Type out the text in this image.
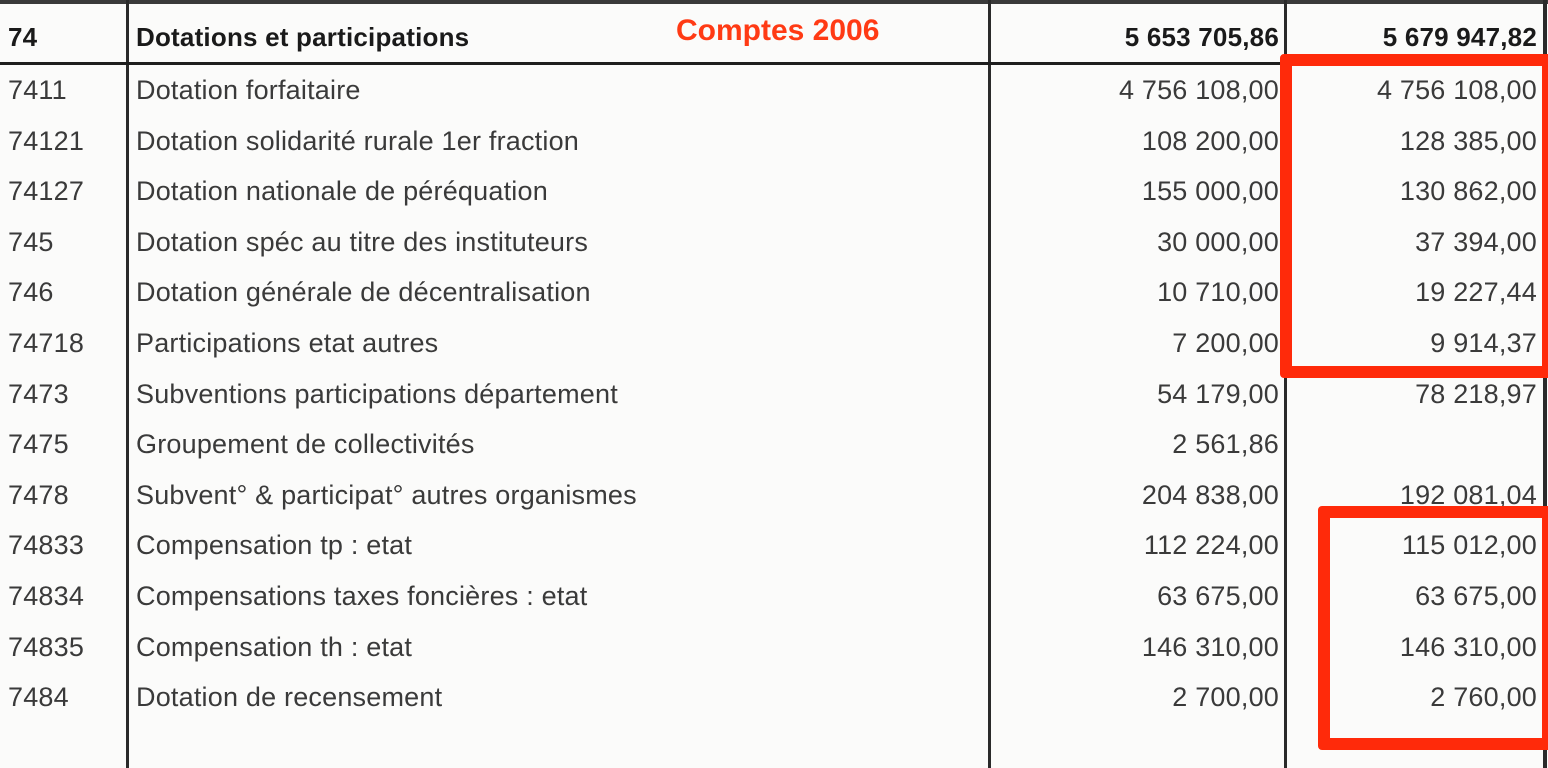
74	Dotations et participations	5 653 705,86	5 679 947,82
7411	Dotation forfaitaire	4 756 108,00	4 756 108,00
74121	Dotation solidarité rurale 1er fraction	108 200,00	128 385,00
74127	Dotation nationale de péréquation	155 000,00	130 862,00
745	Dotation spéc au titre des instituteurs	30 000,00	37 394,00
746	Dotation générale de décentralisation	10 710,00	19 227,44
74718	Participations etat autres	7 200,00	9 914,37
7473	Subventions participations département	54 179,00	78 218,97
7475	Groupement de collectivités	2 561,86
7478	Subvent° & participat° autres organismes	204 838,00	192 081,04
74833	Compensation tp : etat	112 224,00	115 012,00
74834	Compensations taxes foncières : etat	63 675,00	63 675,00
74835	Compensation th : etat	146 310,00	146 310,00
7484	Dotation de recensement	2 700,00	2 760,00
Comptes 2006
